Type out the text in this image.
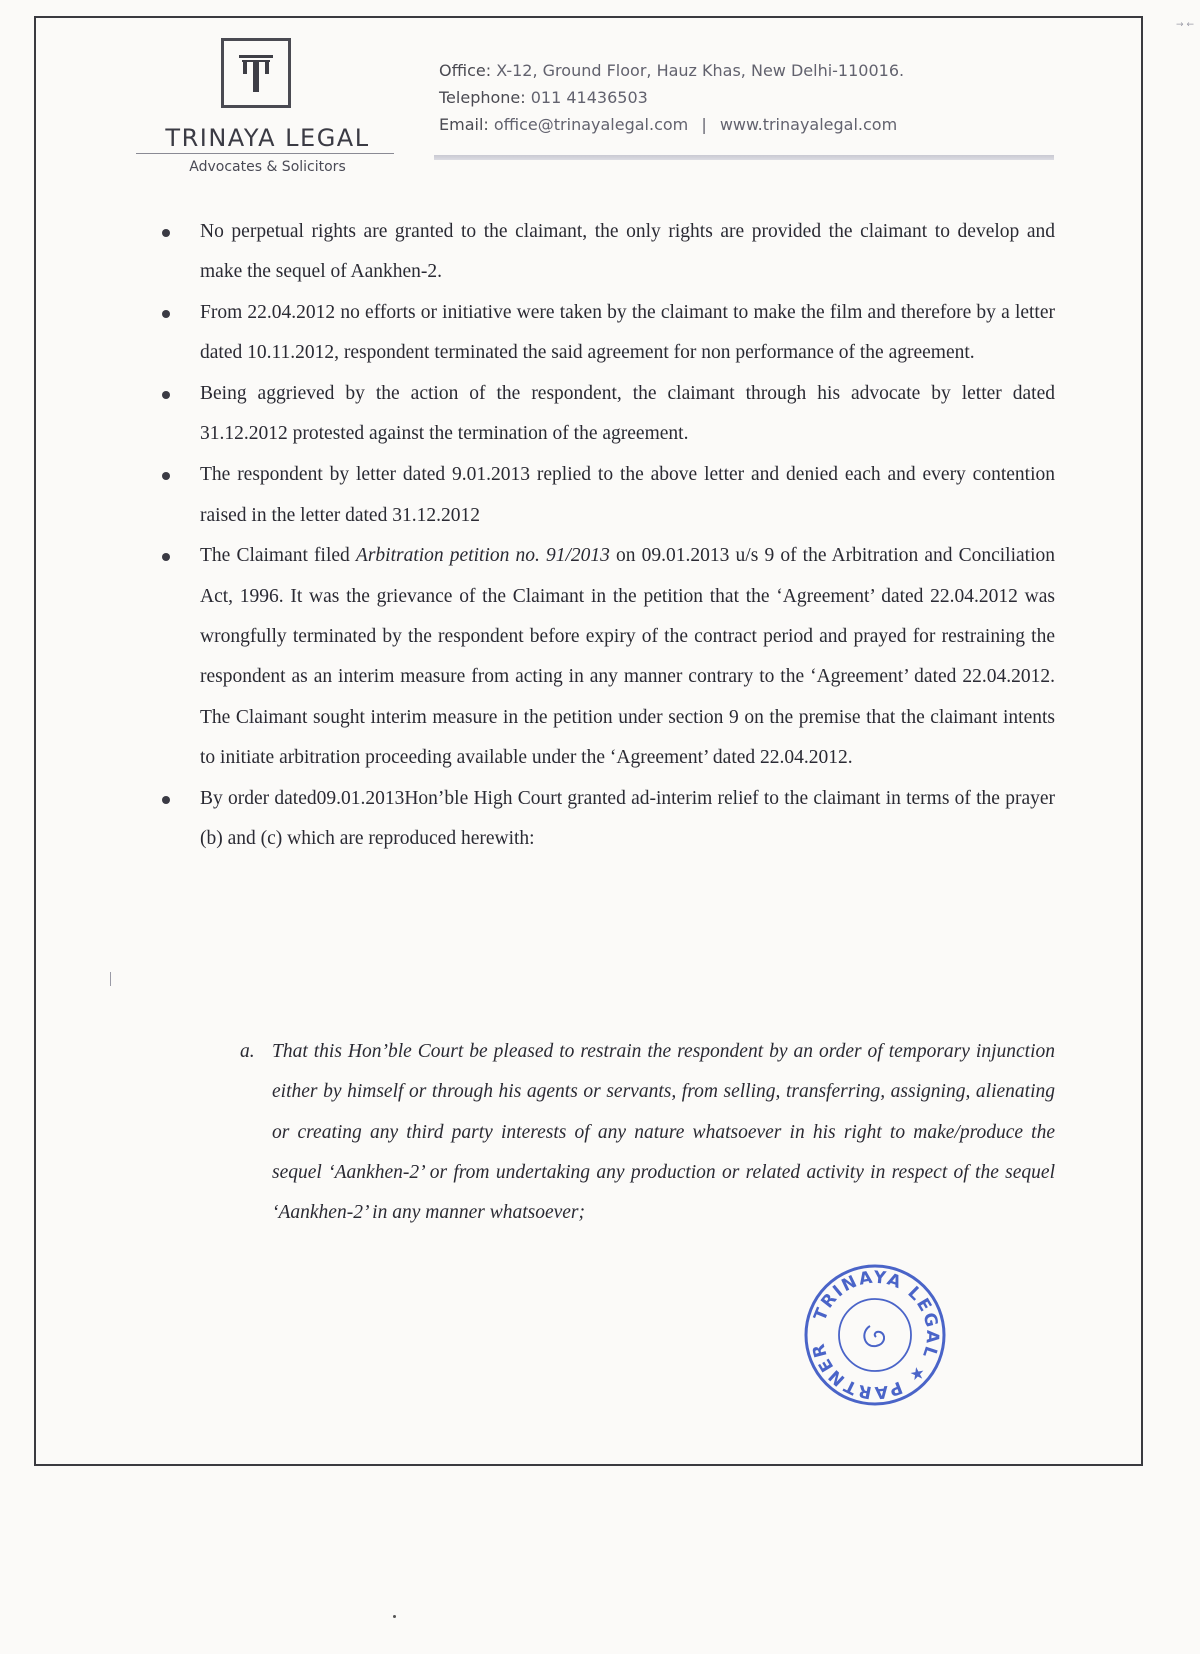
→ ←
TRINAYA LEGAL
Advocates & Solicitors
Office: X-12, Ground Floor, Hauz Khas, New Delhi-110016.
Telephone: 011 41436503
Email: office@trinayalegal.com | www.trinayalegal.com
No perpetual rights are granted to the claimant, the only rights are provided the claimant to develop and make the sequel of Aankhen-2.
From 22.04.2012 no efforts or initiative were taken by the claimant to make the film and therefore by a letter dated 10.11.2012, respondent terminated the said agreement for non performance of the agreement.
Being aggrieved by the action of the respondent, the claimant through his advocate by letter dated 31.12.2012 protested against the termination of the agreement.
The respondent by letter dated 9.01.2013 replied to the above letter and denied each and every contention raised in the letter dated 31.12.2012
The Claimant filed Arbitration petition no. 91/2013 on 09.01.2013 u/s 9 of the Arbitration and Conciliation Act, 1996. It was the grievance of the Claimant in the petition that the ‘Agreement’ dated 22.04.2012 was wrongfully terminated by the respondent before expiry of the contract period and prayed for restraining the respondent as an interim measure from acting in any manner contrary to the ‘Agreement’ dated 22.04.2012. The Claimant sought interim measure in the petition under section 9 on the premise that the claimant intents to initiate arbitration proceeding available under the ‘Agreement’ dated 22.04.2012.
By order dated09.01.2013Hon’ble High Court granted ad-interim relief to the claimant in terms of the prayer (b) and (c) which are reproduced herewith:
a. That this Hon’ble Court be pleased to restrain the respondent by an order of temporary injunction either by himself or through his agents or servants, from selling, transferring, assigning, alienating or creating any third party interests of any nature whatsoever in his right to make/produce the sequel ‘Aankhen-2’ or from undertaking any production or related activity in respect of the sequel ‘Aankhen-2’ in any manner whatsoever;
TRINAYA LEGAL ★ PARTNER
